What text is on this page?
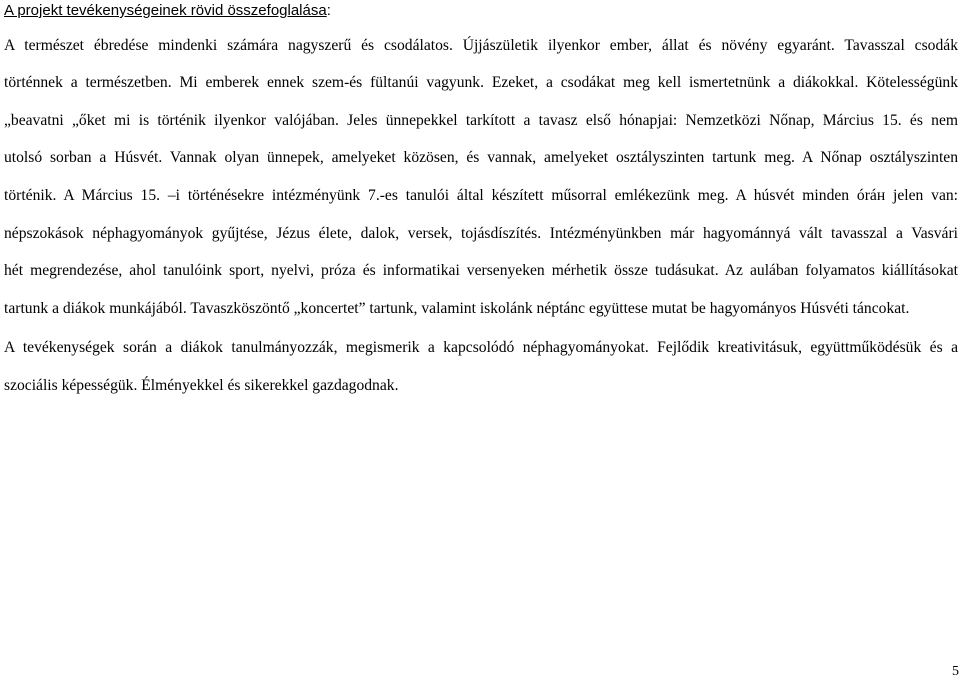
A projekt tevékenységeinek rövid összefoglalása:
A természet ébredése mindenki számára nagyszerű és csodálatos. Újjászületik ilyenkor ember, állat és növény egyaránt. Tavasszal csodák
történnek a természetben. Mi emberek ennek szem-és fültanúi vagyunk. Ezeket, a csodákat meg kell ismertetnünk a diákokkal. Kötelességünk
„beavatni „őket mi is történik ilyenkor valójában. Jeles ünnepekkel tarkított a tavasz első hónapjai: Nemzetközi Nőnap, Március 15. és nem
utolsó sorban a Húsvét. Vannak olyan ünnepek, amelyeket közösen, és vannak, amelyeket osztályszinten tartunk meg. A Nőnap osztályszinten
történik. A Március 15. –i történésekre intézményünk 7.-es tanulói által készített műsorral emlékezünk meg. A húsvét minden óráн jelen van:
népszokások néphagyományok gyűjtése, Jézus élete, dalok, versek, tojásdíszítés. Intézményünkben már hagyománnyá vált tavasszal a Vasvári
hét megrendezése, ahol tanulóink sport, nyelvi, próza és informatikai versenyeken mérhetik össze tudásukat. Az aulában folyamatos kiállításokat
tartunk a diákok munkájából. Tavaszköszöntő „koncertet” tartunk, valamint iskolánk néptánc együttese mutat be hagyományos Húsvéti táncokat.
A tevékenységek során a diákok tanulmányozzák, megismerik a kapcsolódó néphagyományokat. Fejlődik kreativitásuk, együttműködésük és a
szociális képességük. Élményekkel és sikerekkel gazdagodnak.
5
